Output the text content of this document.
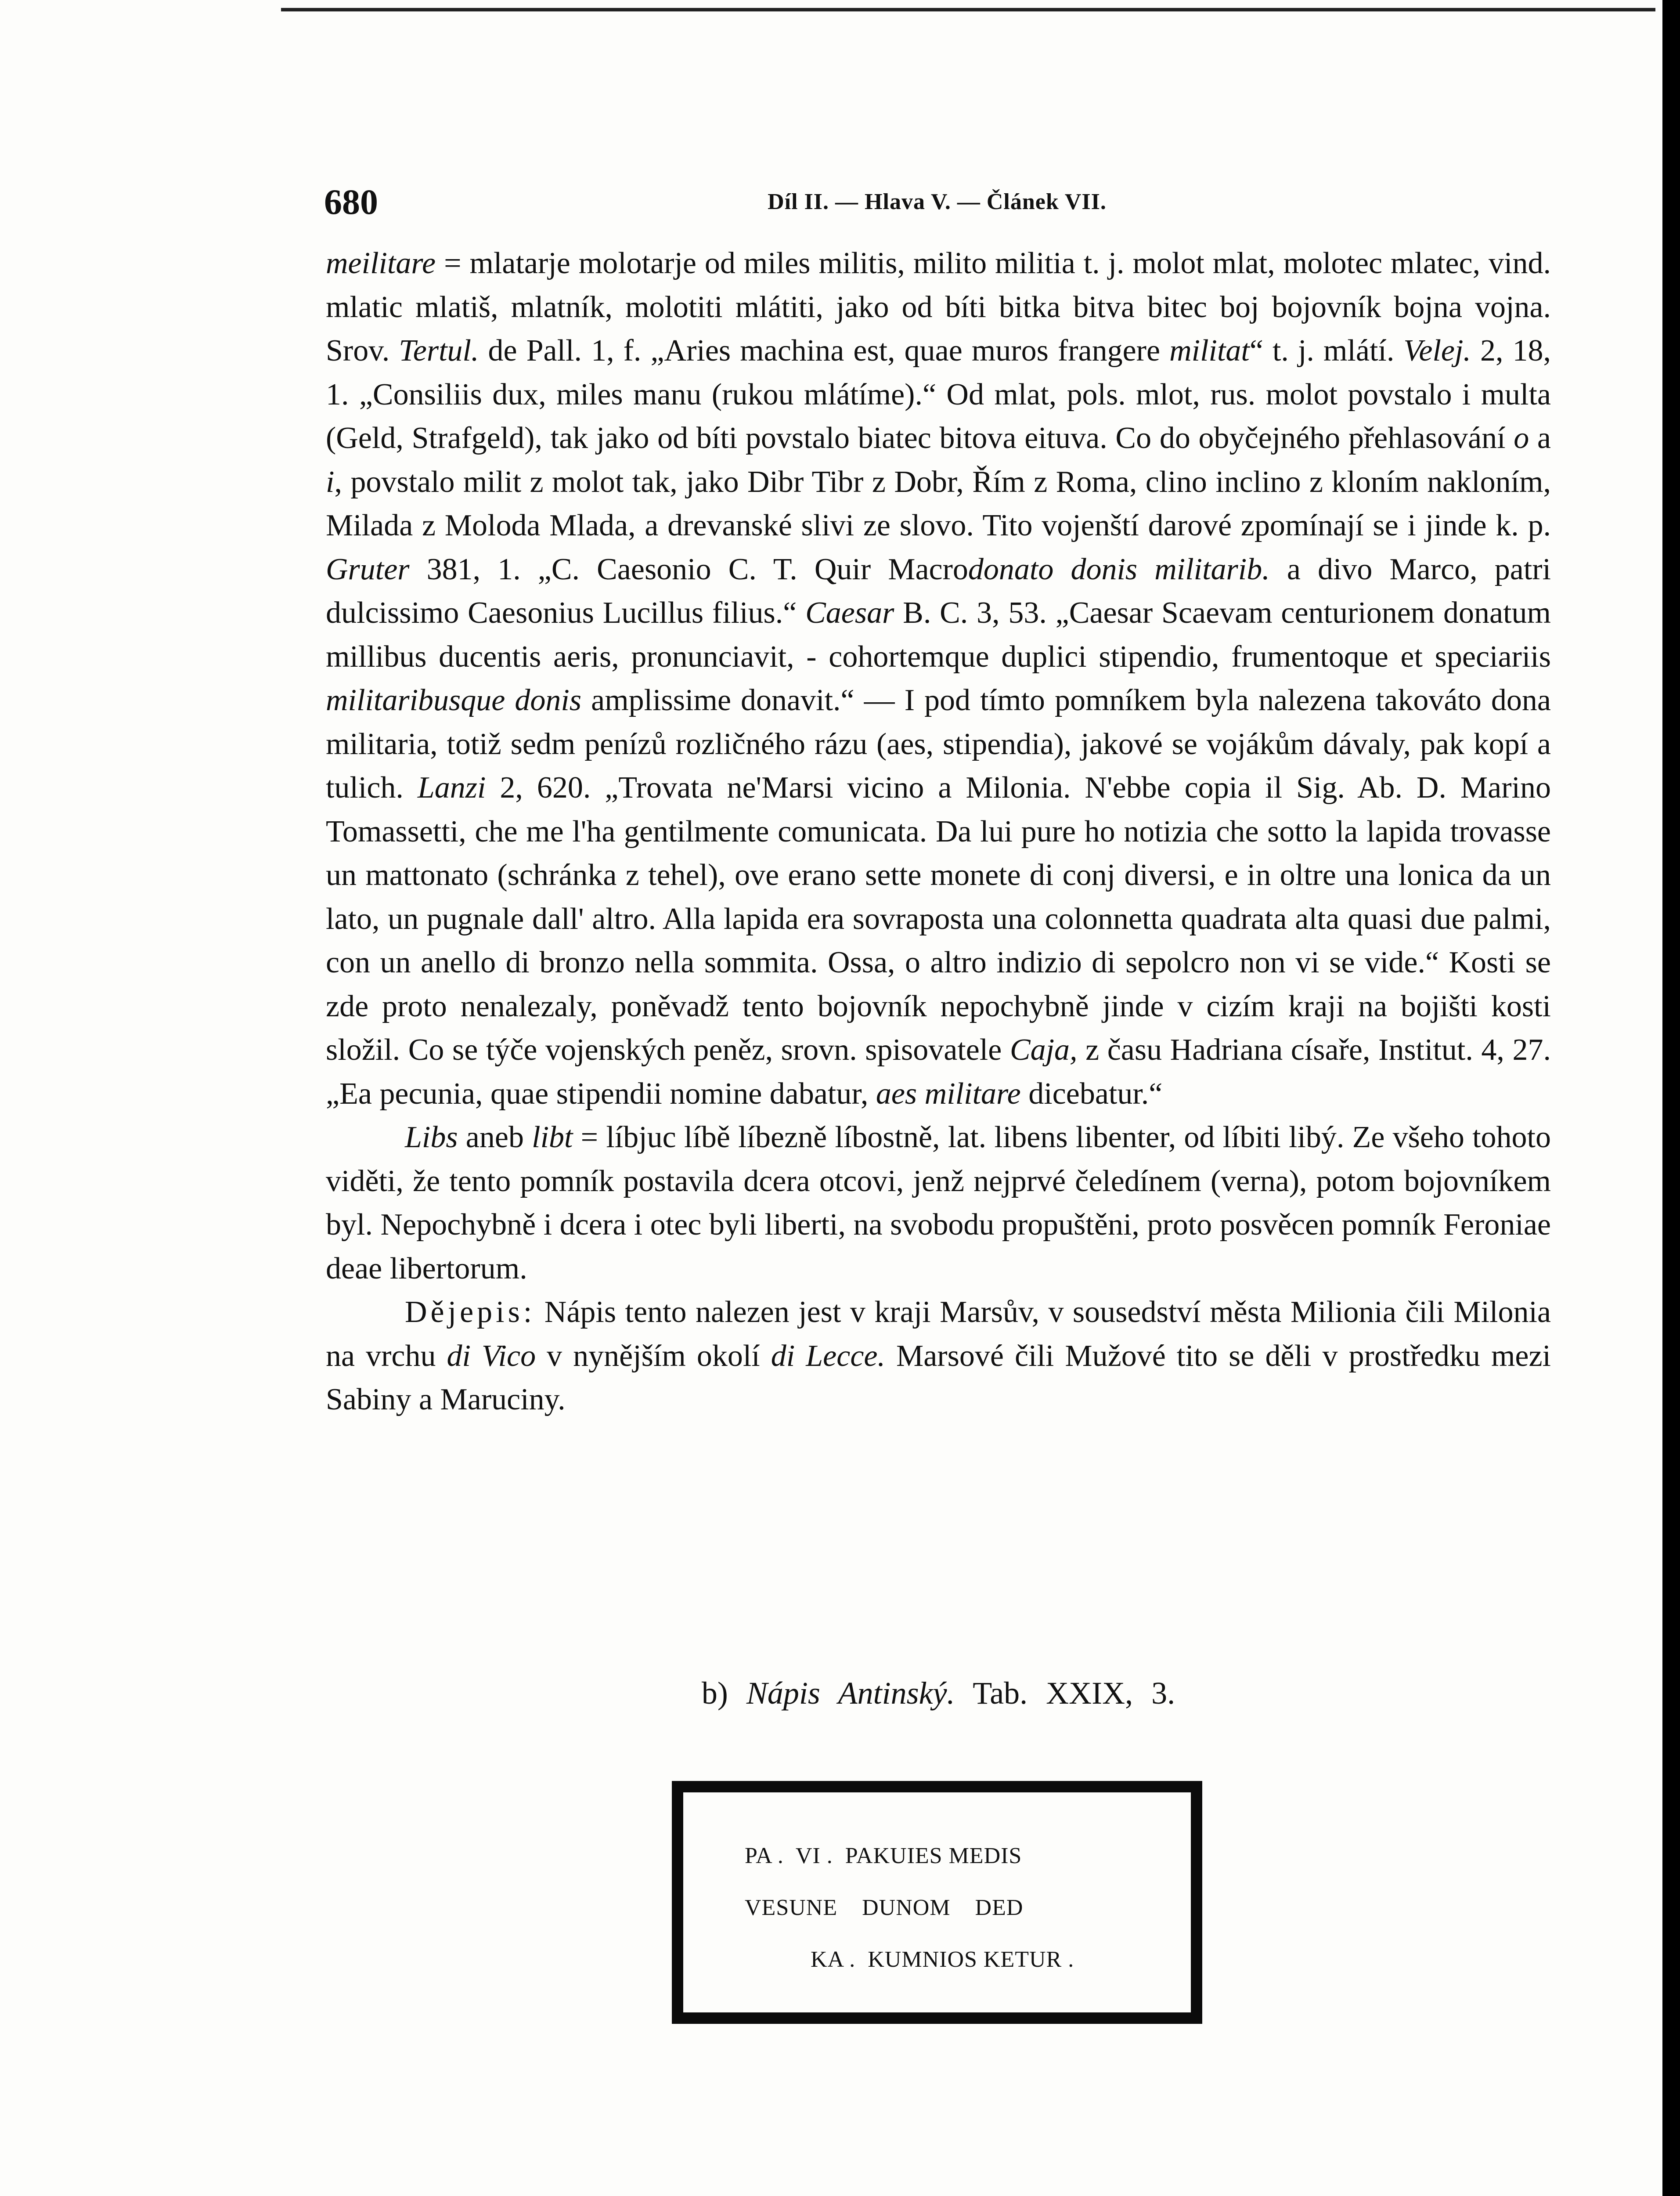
680	Díl II. — Hlava V. — Článek VII.

meilitare = mlatarje molotarje od miles militis, milito militia t. j. molot mlat, molotec mlatec, vind. mlatic mlatiš, mlatník, molotiti mlátiti, jako od bíti bitka bitva bitec boj bojovník bojna vojna. Srov. Tertul. de Pall. 1, f. „Aries machina est, quae muros frangere militat“ t. j. mlátí. Velej. 2, 18, 1. „Consiliis dux, miles manu (rukou mlátíme).“ Od mlat, pols. mlot, rus. molot povstalo i multa (Geld, Strafgeld), tak jako od bíti povstalo biatec bitova eituva. Co do obyčejného přehlasování o a i, povstalo milit z molot tak, jako Dibr Tibr z Dobr, Řím z Roma, clino inclino z kloním nakloním, Milada z Moloda Mlada, a drevanské slivi ze slovo. Tito vojenští darové zpomínají se i jinde k. p. Gruter 381, 1. „C. Caesonio C. T. Quir Macrodonato donis militarib. a divo Marco, patri dulcissimo Caesonius Lucillus filius.“ Caesar B. C. 3, 53. „Caesar Scaevam centurionem donatum millibus ducentis aeris, pronunciavit, - cohortemque duplici stipendio, frumentoque et speciariis militaribusque donis amplissime donavit.“ — I pod tímto pomníkem byla nalezena takováto dona militaria, totiž sedm penízů rozličného rázu (aes, stipendia), jakové se vojákům dávaly, pak kopí a tulich. Lanzi 2, 620. „Trovata ne'Marsi vicino a Milonia. N'ebbe copia il Sig. Ab. D. Marino Tomassetti, che me l'ha gentilmente comunicata. Da lui pure ho notizia che sotto la lapida trovasse un mattonato (schránka z tehel), ove erano sette monete di conj diversi, e in oltre una lonica da un lato, un pugnale dall' altro. Alla lapida era sovraposta una colonnetta quadrata alta quasi due palmi, con un anello di bronzo nella sommita. Ossa, o altro indizio di sepolcro non vi se vide.“ Kosti se zde proto nenalezaly, poněvadž tento bojovník nepochybně jinde v cizím kraji na bojišti kosti složil. Co se týče vojenských peněz, srovn. spisovatele Caja, z času Hadriana císaře, Institut. 4, 27. „Ea pecunia, quae stipendii nomine dabatur, aes militare dicebatur.“

Libs aneb libt = líbjuc líbě líbezně líbostně, lat. libens libenter, od líbiti libý. Ze všeho tohoto viděti, že tento pomník postavila dcera otcovi, jenž nejprvé čeledínem (verna), potom bojovníkem byl. Nepochybně i dcera i otec byli liberti, na svobodu propuštěni, proto posvěcen pomník Feroniae deae libertorum.

Dějepis: Nápis tento nalezen jest v kraji Marsův, v sousedství města Milionia čili Milonia na vrchu di Vico v nynějším okolí di Lecce. Marsové čili Mužové tito se děli v prostředku mezi Sabiny a Maruciny.

b) Nápis Antinský. Tab. XXIX, 3.
PA .  VI .  PAKUIES MEDIS
VESUNE    DUNOM    DED
KA .  KUMNIOS KETUR .
